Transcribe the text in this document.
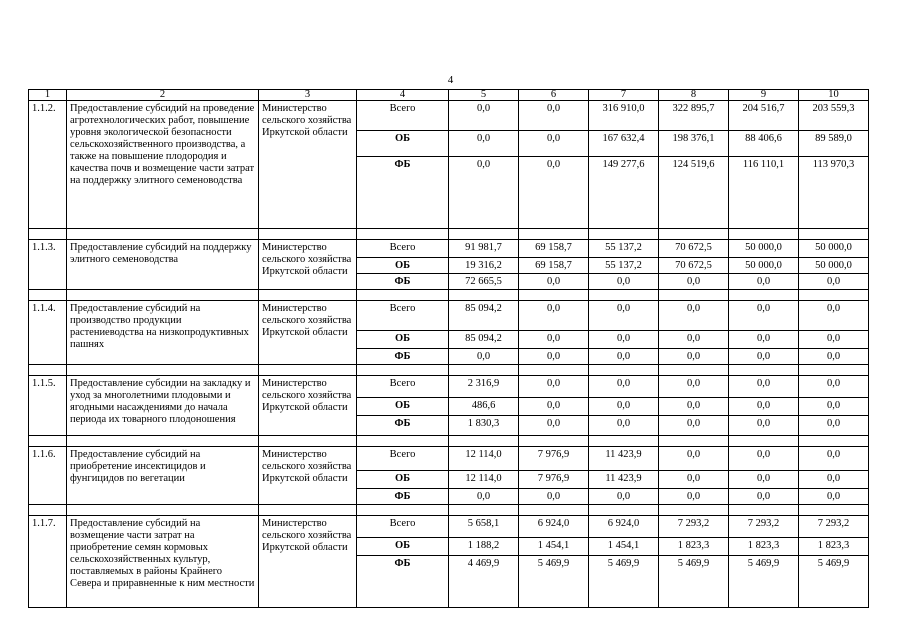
4
1	2	3	4	5	6	7	8	9	10
1.1.2.	Предоставление субсидий на проведение агротехнологических работ, повышение уровня экологической безопасности сельскохозяйственного производства, а также на повышение плодородия и качества почв и возмещение части затрат на поддержку элитного семеноводства	Министерство сельского хозяйства Иркутской области	Всего	0,0	0,0	316 910,0	322 895,7	204 516,7	203 559,3
			ОБ	0,0	0,0	167 632,4	198 376,1	88 406,6	89 589,0
			ФБ	0,0	0,0	149 277,6	124 519,6	116 110,1	113 970,3

1.1.3.	Предоставление субсидий на поддержку элитного семеноводства	Министерство сельского хозяйства Иркутской области	Всего	91 981,7	69 158,7	55 137,2	70 672,5	50 000,0	50 000,0
			ОБ	19 316,2	69 158,7	55 137,2	70 672,5	50 000,0	50 000,0
			ФБ	72 665,5	0,0	0,0	0,0	0,0	0,0

1.1.4.	Предоставление субсидий на производство продукции растениеводства на низкопродуктивных пашнях	Министерство сельского хозяйства Иркутской области	Всего	85 094,2	0,0	0,0	0,0	0,0	0,0
			ОБ	85 094,2	0,0	0,0	0,0	0,0	0,0
			ФБ	0,0	0,0	0,0	0,0	0,0	0,0

1.1.5.	Предоставление субсидии на закладку и уход за многолетними плодовыми и ягодными насаждениями до начала периода их товарного плодоношения	Министерство сельского хозяйства Иркутской области	Всего	2 316,9	0,0	0,0	0,0	0,0	0,0
			ОБ	486,6	0,0	0,0	0,0	0,0	0,0
			ФБ	1 830,3	0,0	0,0	0,0	0,0	0,0

1.1.6.	Предоставление субсидий на приобретение инсектицидов и фунгицидов по вегетации	Министерство сельского хозяйства Иркутской области	Всего	12 114,0	7 976,9	11 423,9	0,0	0,0	0,0
			ОБ	12 114,0	7 976,9	11 423,9	0,0	0,0	0,0
			ФБ	0,0	0,0	0,0	0,0	0,0	0,0

1.1.7.	Предоставление субсидий на возмещение части затрат на приобретение семян кормовых сельскохозяйственных культур, поставляемых в районы Крайнего Севера и приравненные к ним местности	Министерство сельского хозяйства Иркутской области	Всего	5 658,1	6 924,0	6 924,0	7 293,2	7 293,2	7 293,2
			ОБ	1 188,2	1 454,1	1 454,1	1 823,3	1 823,3	1 823,3
			ФБ	4 469,9	5 469,9	5 469,9	5 469,9	5 469,9	5 469,9
